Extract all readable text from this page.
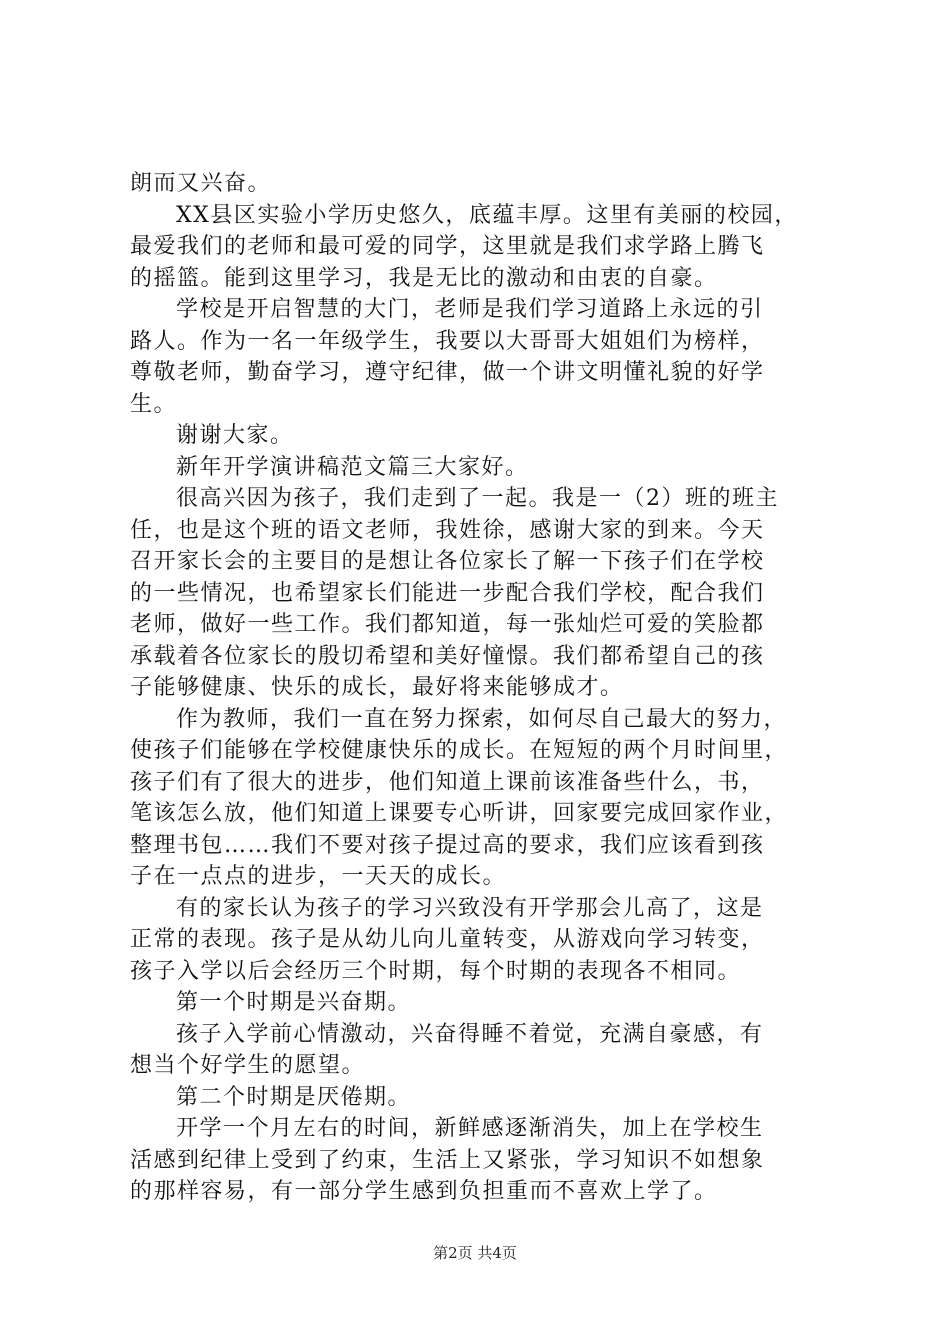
朗而又兴奋。
XX县区实验小学历史悠久，底蕴丰厚。这里有美丽的校园，
最爱我们的老师和最可爱的同学，这里就是我们求学路上腾飞
的摇篮。能到这里学习，我是无比的激动和由衷的自豪。
学校是开启智慧的大门，老师是我们学习道路上永远的引
路人。作为一名一年级学生，我要以大哥哥大姐姐们为榜样，
尊敬老师，勤奋学习，遵守纪律，做一个讲文明懂礼貌的好学
生。
谢谢大家。
新年开学演讲稿范文篇三大家好。
很高兴因为孩子，我们走到了一起。我是一（2）班的班主
任，也是这个班的语文老师，我姓徐，感谢大家的到来。今天
召开家长会的主要目的是想让各位家长了解一下孩子们在学校
的一些情况，也希望家长们能进一步配合我们学校，配合我们
老师，做好一些工作。我们都知道，每一张灿烂可爱的笑脸都
承载着各位家长的殷切希望和美好憧憬。我们都希望自己的孩
子能够健康、快乐的成长，最好将来能够成才。
作为教师，我们一直在努力探索，如何尽自己最大的努力，
使孩子们能够在学校健康快乐的成长。在短短的两个月时间里，
孩子们有了很大的进步，他们知道上课前该准备些什么，书，
笔该怎么放，他们知道上课要专心听讲，回家要完成回家作业，
整理书包……我们不要对孩子提过高的要求，我们应该看到孩
子在一点点的进步，一天天的成长。
有的家长认为孩子的学习兴致没有开学那会儿高了，这是
正常的表现。孩子是从幼儿向儿童转变，从游戏向学习转变，
孩子入学以后会经历三个时期，每个时期的表现各不相同。
第一个时期是兴奋期。
孩子入学前心情激动，兴奋得睡不着觉，充满自豪感，有
想当个好学生的愿望。
第二个时期是厌倦期。
开学一个月左右的时间，新鲜感逐渐消失，加上在学校生
活感到纪律上受到了约束，生活上又紧张，学习知识不如想象
的那样容易，有一部分学生感到负担重而不喜欢上学了。
第2页 共4页
